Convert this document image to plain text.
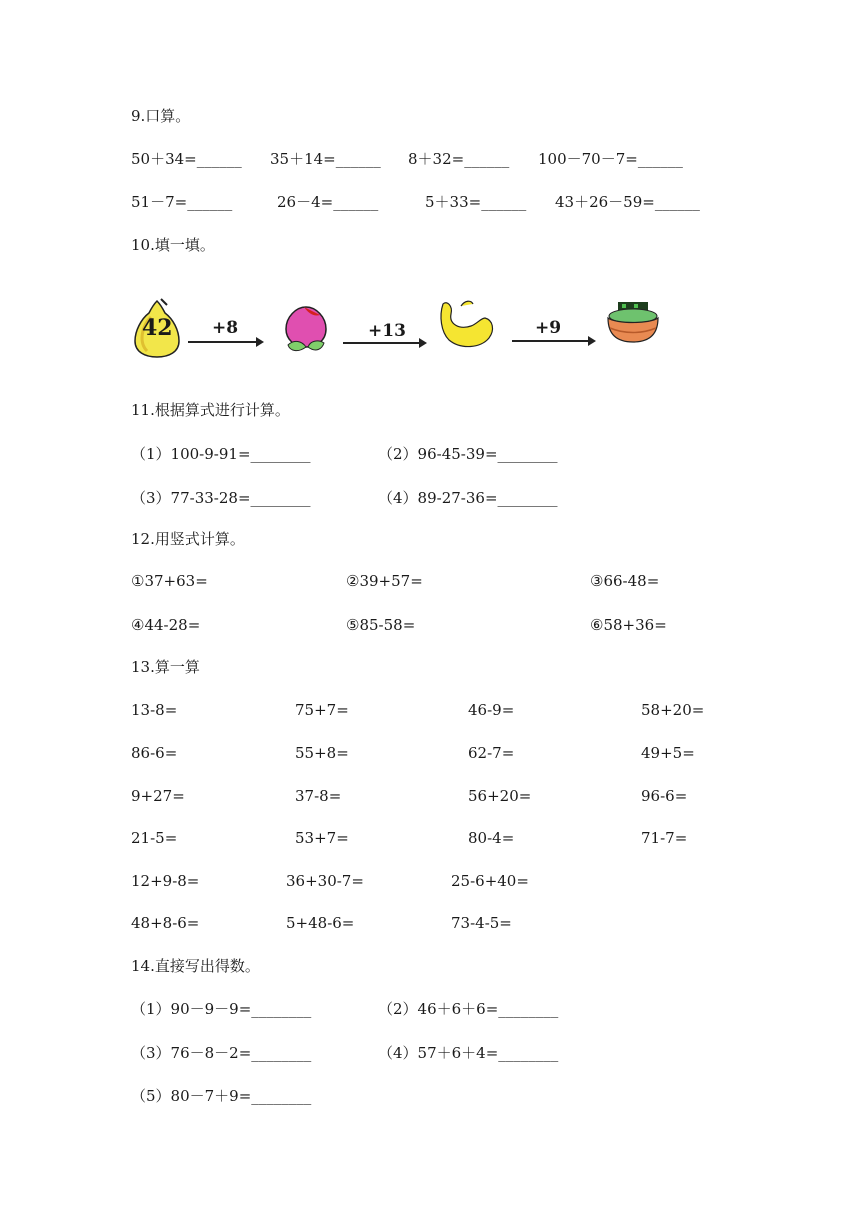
9.口算。
50＋34=______ 35＋14=______ 8＋32=______ 100－70－7=______
51－7=______	26－4=______	5＋33=______ 43＋26－59=______
10.填一填。
42 +8	+13	+9
11.根据算式进行计算。
（1）100-9-91=________	（2）96-45-39=________
（3）77-33-28=________	（4）89-27-36=________
12.用竖式计算。
①37+63=	②39+57=	③66-48=
④44-28=	⑤85-58=	⑥58+36=
13.算一算
13-8=	75+7=	46-9=	58+20=
86-6=	55+8=	62-7=	49+5=
9+27=	37-8=	56+20=	96-6=
21-5=	53+7=	80-4=	71-7=
12+9-8=	36+30-7=	25-6+40=
48+8-6=	5+48-6=	73-4-5=
14.直接写出得数。
（1）90－9－9=________	（2）46＋6＋6=________
（3）76－8－2=________	（4）57＋6＋4=________
（5）80－7＋9=________
